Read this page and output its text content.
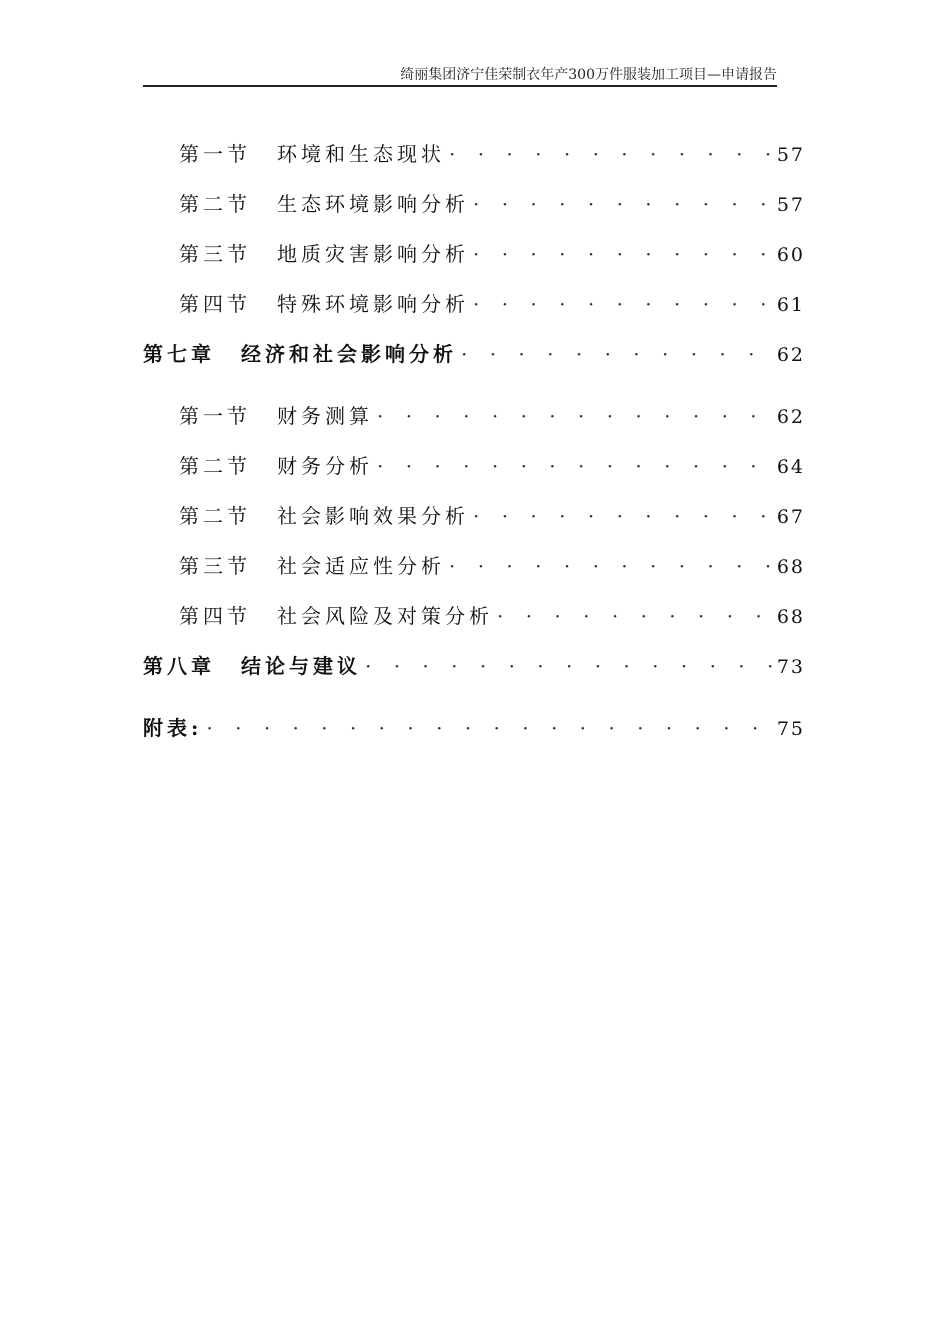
绮丽集团济宁佳荣制衣年产300万件服装加工项目—申请报告
第一节 环境和生态现状 · · ·	57
第二节 生态环境影响分析 · · ·	57
第三节 地质灾害影响分析 · · ·	60
第四节 特殊环境影响分析 · · ·	61
第七章 经济和社会影响分析 · · ·	62
第一节 财务测算 · · ·	62
第二节 财务分析 · · ·	64
第二节 社会影响效果分析 · · ·	67
第三节 社会适应性分析 · · ·	68
第四节 社会风险及对策分析 · · ·	68
第八章 结论与建议 · · ·	73
附表: · · ·	75
